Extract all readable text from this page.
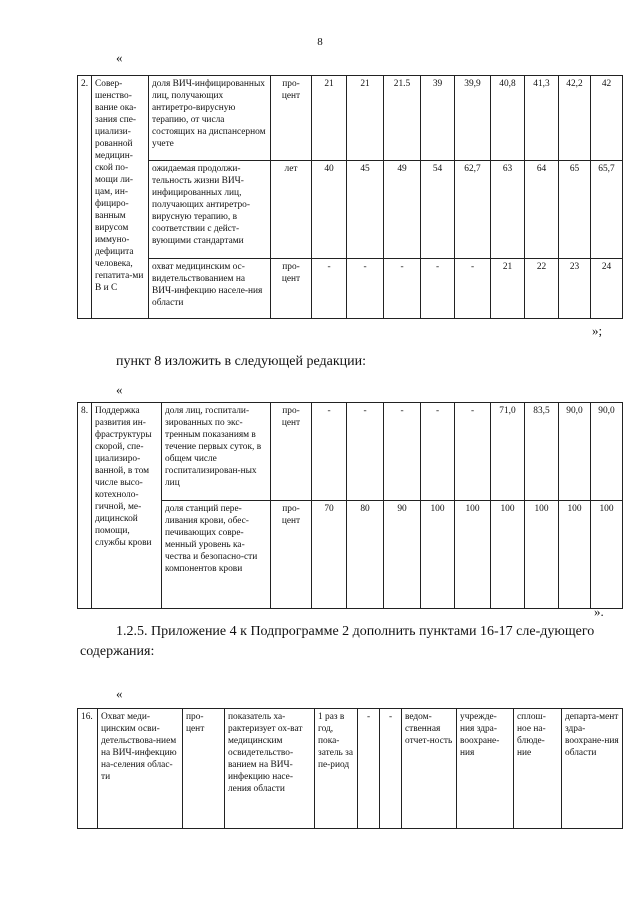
8
«
2.	Совер-шенство-вание ока-зания спе-циализи-рованной медицин-ской по-мощи ли-цам, ин-фициро-ванным вирусом иммуно-дефицита человека, гепатита-ми В и С	доля ВИЧ-инфицированных лиц, получающих антиретро-вирусную терапию, от числа состоящих на диспансерном учете	про-цент	21	21	21.5	39	39,9	40,8	41,3	42,2	42
		ожидаемая продолжи-тельность жизни ВИЧ-инфицированных лиц, получающих антиретро-вирусную терапию, в соответствии с дейст-вующими стандартами	лет	40	45	49	54	62,7	63	64	65	65,7
		охват медицинским ос-видетельствованием на ВИЧ-инфекцию населе-ния области	про-цент	-	-	-	-	-	21	22	23	24
»;
пункт 8 изложить в следующей редакции:
«
8.	Поддержка развития ин-фраструктуры скорой, спе-циализиро-ванной, в том числе высо-котехноло-гичной, ме-дицинской помощи, службы крови	доля лиц, госпитали-зированных по экс-тренным показаниям в течение первых суток, в общем числе госпитализирован-ных лиц	про-цент	-	-	-	-	-	71,0	83,5	90,0	90,0
		доля станций пере-ливания крови, обес-печивающих совре-менный уровень ка-чества и безопасно-сти компонентов крови	про-цент	70	80	90	100	100	100	100	100	100
».
1.2.5. Приложение 4 к Подпрограмме 2 дополнить пунктами 16-17 сле-дующего содержания:
«
16.	Охват меди-цинским осви-детельствова-нием на ВИЧ-инфекцию на-селения облас-ти	про-цент	показатель ха-рактеризует ох-ват медицинским освидетельство-ванием на ВИЧ-инфекцию насе-ления области	1 раз в год, пока-затель за пе-риод	-	-	ведом-ственная отчет-ность	учрежде-ния здра-воохране-ния	сплош-ное на-блюде-ние	департа-мент здра-воохране-ния области
